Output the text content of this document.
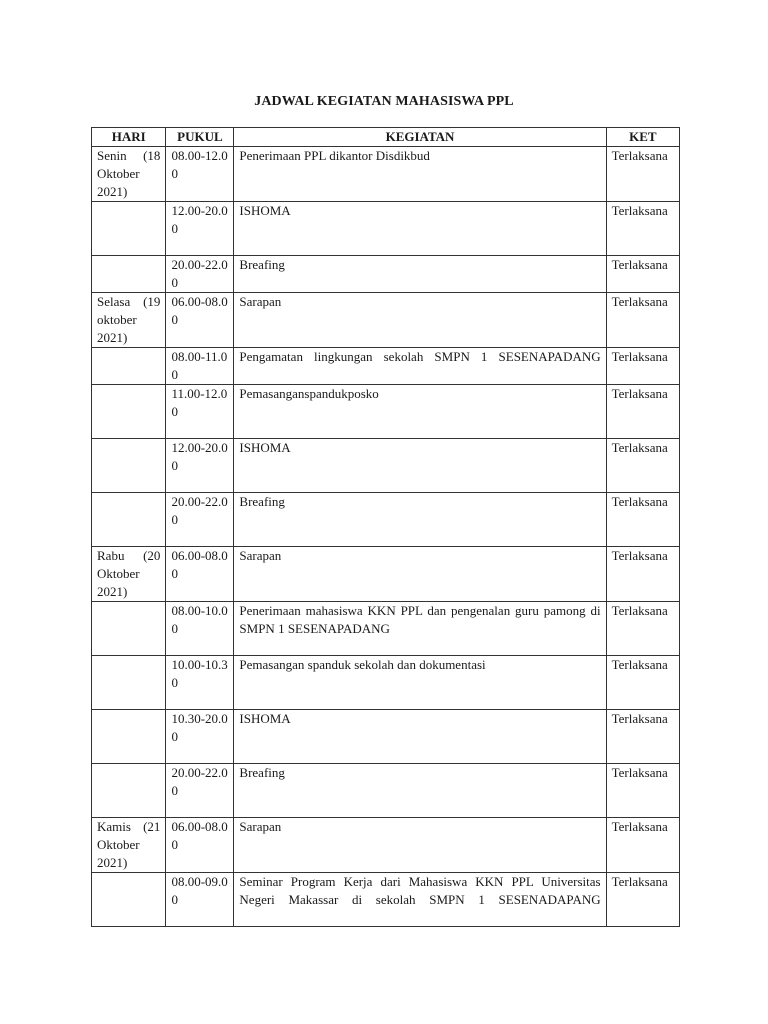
JADWAL KEGIATAN MAHASISWA PPL
HARI	PUKUL	KEGIATAN	KET
Senin (18 Oktober 2021)	08.00-12.00	Penerimaan PPL dikantor Disdikbud	Terlaksana
	12.00-20.00	ISHOMA	Terlaksana
	20.00-22.00	Breafing	Terlaksana
Selasa (19 oktober 2021)	06.00-08.00	Sarapan	Terlaksana
	08.00-11.00	Pengamatan lingkungan sekolah SMPN 1 SESENAPADANG	Terlaksana
	11.00-12.00	Pemasanganspandukposko	Terlaksana
	12.00-20.00	ISHOMA	Terlaksana
	20.00-22.00	Breafing	Terlaksana
Rabu (20 Oktober 2021)	06.00-08.00	Sarapan	Terlaksana
	08.00-10.00	Penerimaan mahasiswa KKN PPL dan pengenalan guru pamong di SMPN 1 SESENAPADANG	Terlaksana
	10.00-10.30	Pemasangan spanduk sekolah dan dokumentasi	Terlaksana
	10.30-20.00	ISHOMA	Terlaksana
	20.00-22.00	Breafing	Terlaksana
Kamis (21 Oktober 2021)	06.00-08.00	Sarapan	Terlaksana
	08.00-09.00	Seminar Program Kerja dari Mahasiswa KKN PPL Universitas Negeri Makassar di sekolah SMPN 1 SESENADAPANG	Terlaksana
